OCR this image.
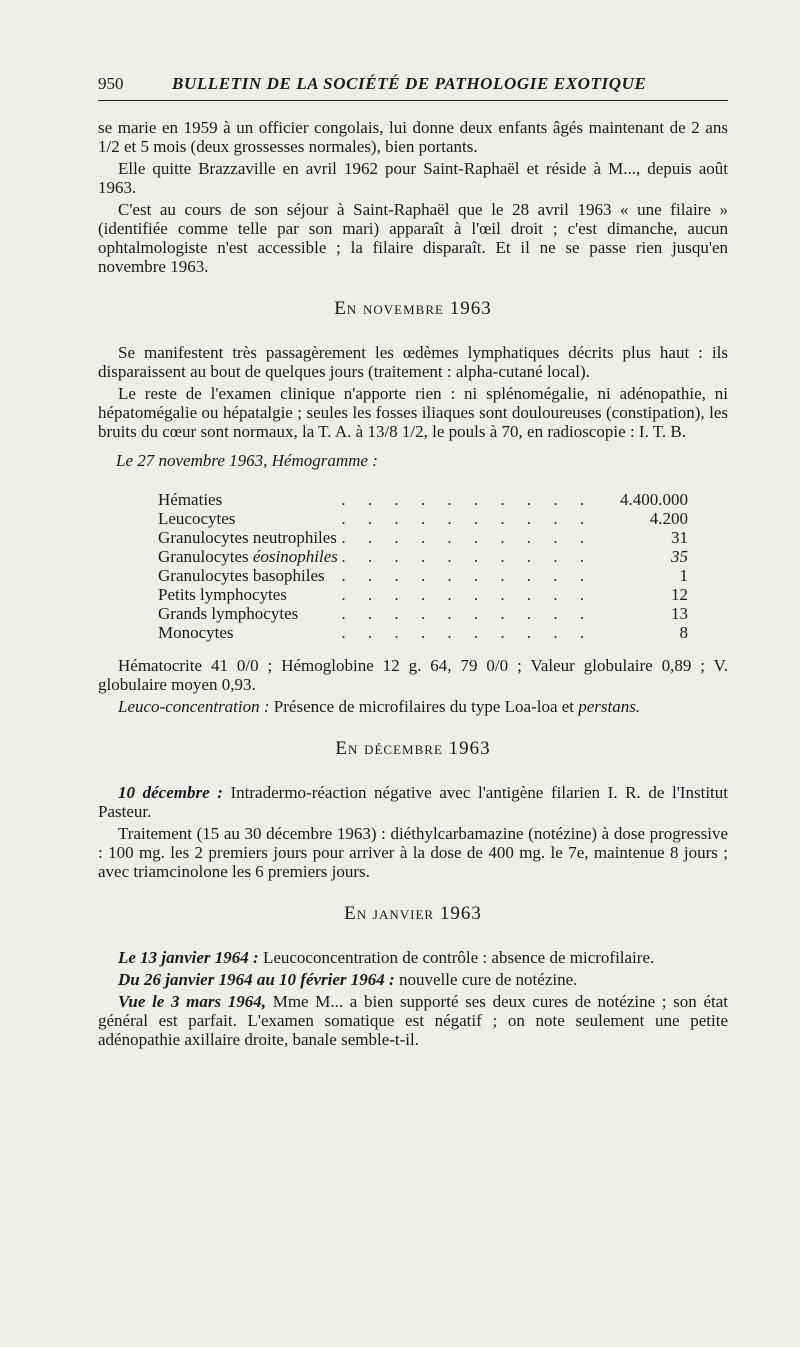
950	BULLETIN DE LA SOCIÉTÉ DE PATHOLOGIE EXOTIQUE

se marie en 1959 à un officier congolais, lui donne deux enfants âgés maintenant de 2 ans 1/2 et 5 mois (deux grossesses normales), bien portants.

Elle quitte Brazzaville en avril 1962 pour Saint-Raphaël et réside à M..., depuis août 1963.

C'est au cours de son séjour à Saint-Raphaël que le 28 avril 1963 « une filaire » (identifiée comme telle par son mari) apparaît à l'œil droit ; c'est dimanche, aucun ophtalmologiste n'est accessible ; la filaire disparaît. Et il ne se passe rien jusqu'en novembre 1963.

En novembre 1963

Se manifestent très passagèrement les œdèmes lymphatiques décrits plus haut : ils disparaissent au bout de quelques jours (traitement : alpha-cutané local).

Le reste de l'examen clinique n'apporte rien : ni splénomégalie, ni adénopathie, ni hépatomégalie ou hépatalgie ; seules les fosses iliaques sont douloureuses (constipation), les bruits du cœur sont normaux, la T. A. à 13/8 1/2, le pouls à 70, en radioscopie : I. T. B.

Le 27 novembre 1963, Hémogramme :
Hématies	. . . . . . . . . .	4.400.000
Leucocytes	. . . . . . . . . .	4.200
Granulocytes neutrophiles	. . . . . . . . . .	31
Granulocytes éosinophiles	. . . . . . . . . .	35
Granulocytes basophiles	. . . . . . . . . .	1
Petits lymphocytes	. . . . . . . . . .	12
Grands lymphocytes	. . . . . . . . . .	13
Monocytes	. . . . . . . . . .	8

Hématocrite 41 0/0 ; Hémoglobine 12 g. 64, 79 0/0 ; Valeur globulaire 0,89 ; V. globulaire moyen 0,93.

Leuco-concentration : Présence de microfilaires du type Loa-loa et perstans.

En décembre 1963

10 décembre : Intradermo-réaction négative avec l'antigène filarien I. R. de l'Institut Pasteur.

Traitement (15 au 30 décembre 1963) : diéthylcarbamazine (notézine) à dose progressive : 100 mg. les 2 premiers jours pour arriver à la dose de 400 mg. le 7e, maintenue 8 jours ; avec triamcinolone les 6 premiers jours.

En janvier 1963

Le 13 janvier 1964 : Leucoconcentration de contrôle : absence de microfilaire.

Du 26 janvier 1964 au 10 février 1964 : nouvelle cure de notézine.

Vue le 3 mars 1964, Mme M... a bien supporté ses deux cures de notézine ; son état général est parfait. L'examen somatique est négatif ; on note seulement une petite adénopathie axillaire droite, banale semble-t-il.
